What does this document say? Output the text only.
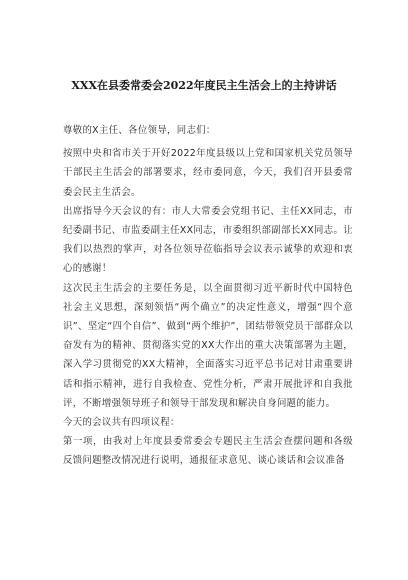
XXX在县委常委会2022年度民主生活会上的主持讲话

尊敬的X主任、各位领导，同志们：

按照中央和省市关于开好2022年度县级以上党和国家机关党员领导干部民主生活会的部署要求，经市委同意，今天，我们召开县委常委会民主生活会。

出席指导今天会议的有：市人大常委会党组书记、主任XX同志，市纪委副书记、市监委副主任XX同志，市委组织部副部长XX同志。让我们以热烈的掌声，对各位领导莅临指导会议表示诚挚的欢迎和衷心的感谢！

这次民主生活会的主要任务是，以全面贯彻习近平新时代中国特色社会主义思想，深刻领悟“两个确立”的决定性意义，增强“四个意识”、坚定“四个自信”、做到“两个维护”，团结带领党员干部群众以奋发有为的精神、贯彻落实党的XX大作出的重大决策部署为主题，深入学习贯彻党的XX大精神，全面落实习近平总书记对甘肃重要讲话和指示精神，进行自我检查、党性分析，严肃开展批评和自我批评，不断增强领导班子和领导干部发现和解决自身问题的能力。

今天的会议共有四项议程：

第一项，由我对上年度县委常委会专题民主生活会查摆问题和各级反馈问题整改情况进行说明，通报征求意见、谈心谈话和会议准备
